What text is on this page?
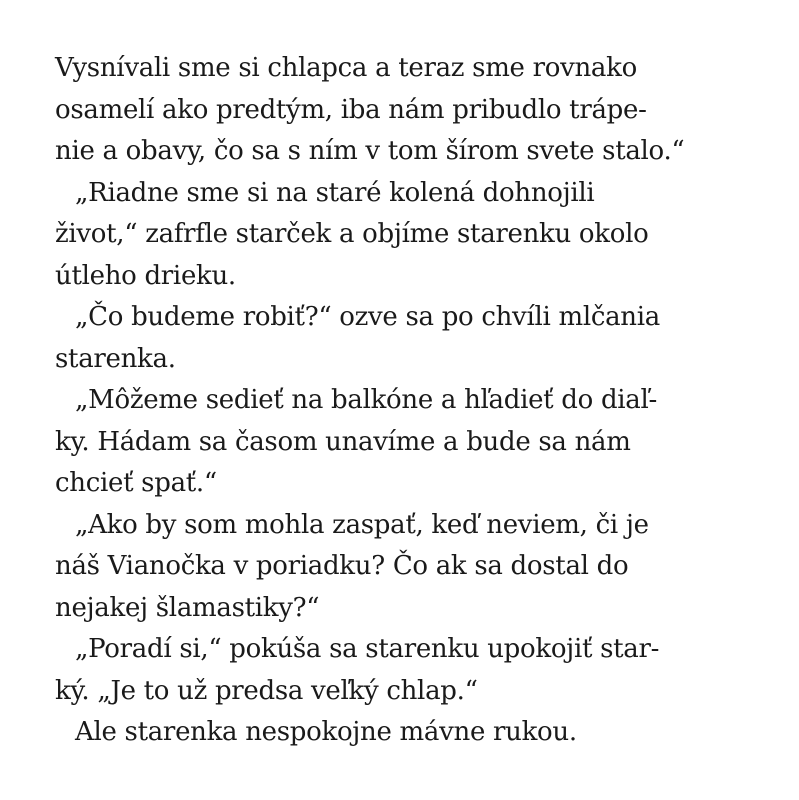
Vysnívali sme si chlapca a teraz sme rovnako
osamelí ako predtým, iba nám pribudlo trápe-
nie a obavy, čo sa s ním v tom šírom svete stalo.“
„Riadne sme si na staré kolená dohnojili
život,“ zafrfle starček a objíme starenku okolo
útleho drieku.
„Čo budeme robiť?“ ozve sa po chvíli mlčania
starenka.
„Môžeme sedieť na balkóne a hľadieť do diaľ-
ky. Hádam sa časom unavíme a bude sa nám
chcieť spať.“
„Ako by som mohla zaspať, keď neviem, či je
náš Vianočka v poriadku? Čo ak sa dostal do
nejakej šlamastiky?“
„Poradí si,“ pokúša sa starenku upokojiť star-
ký. „Je to už predsa veľký chlap.“
Ale starenka nespokojne mávne rukou.
